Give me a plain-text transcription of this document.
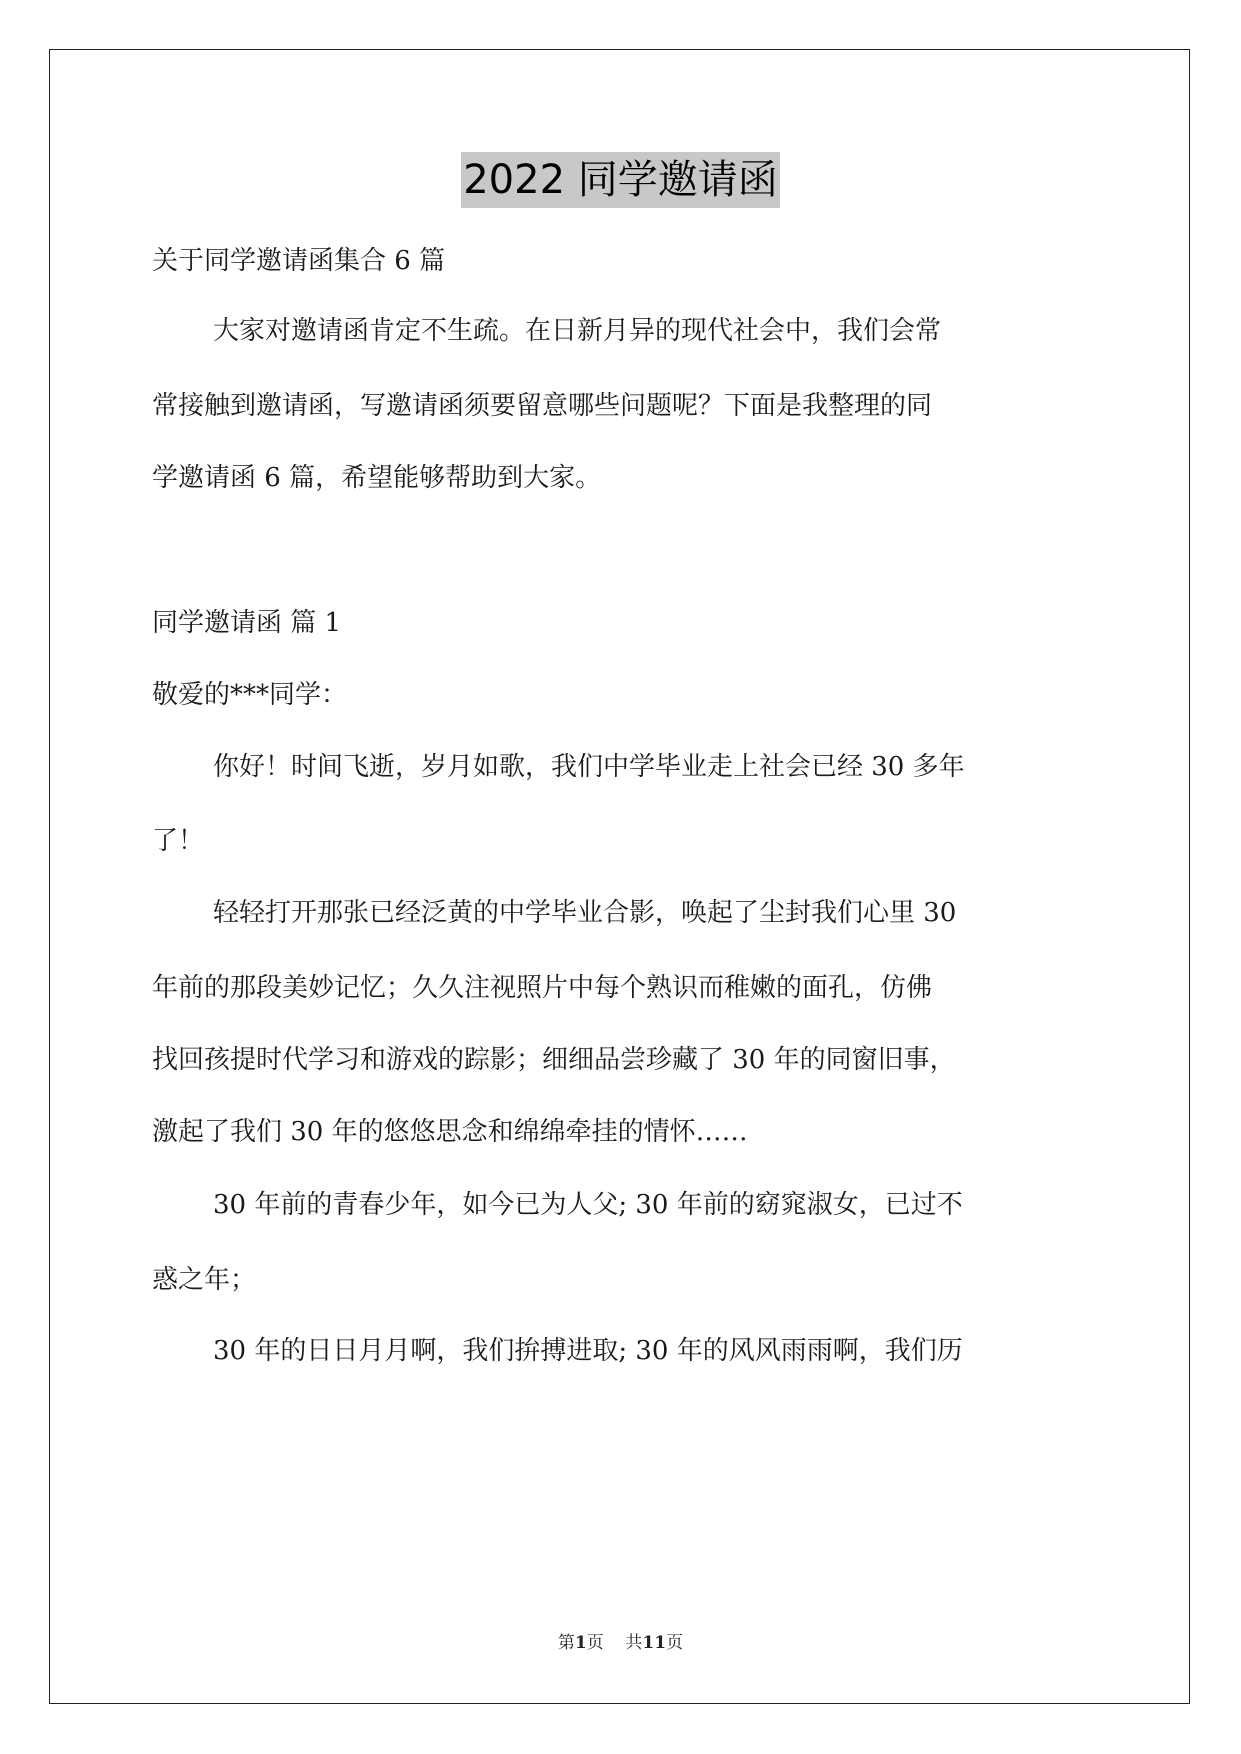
2022 同学邀请函
关于同学邀请函集合 6 篇
大家对邀请函肯定不生疏。在日新月异的现代社会中，我们会常
常接触到邀请函，写邀请函须要留意哪些问题呢？下面是我整理的同
学邀请函 6 篇，希望能够帮助到大家。
同学邀请函 篇 1
敬爱的***同学：
你好！时间飞逝，岁月如歌，我们中学毕业走上社会已经 30 多年
了！
轻轻打开那张已经泛黄的中学毕业合影，唤起了尘封我们心里 30
年前的那段美妙记忆；久久注视照片中每个熟识而稚嫩的面孔，仿佛
找回孩提时代学习和游戏的踪影；细细品尝珍藏了 30 年的同窗旧事，
激起了我们 30 年的悠悠思念和绵绵牵挂的情怀……
30 年前的青春少年，如今已为人父; 30 年前的窈窕淑女，已过不
惑之年；
30 年的日日月月啊，我们拚搏进取; 30 年的风风雨雨啊，我们历
第1页 共11页
